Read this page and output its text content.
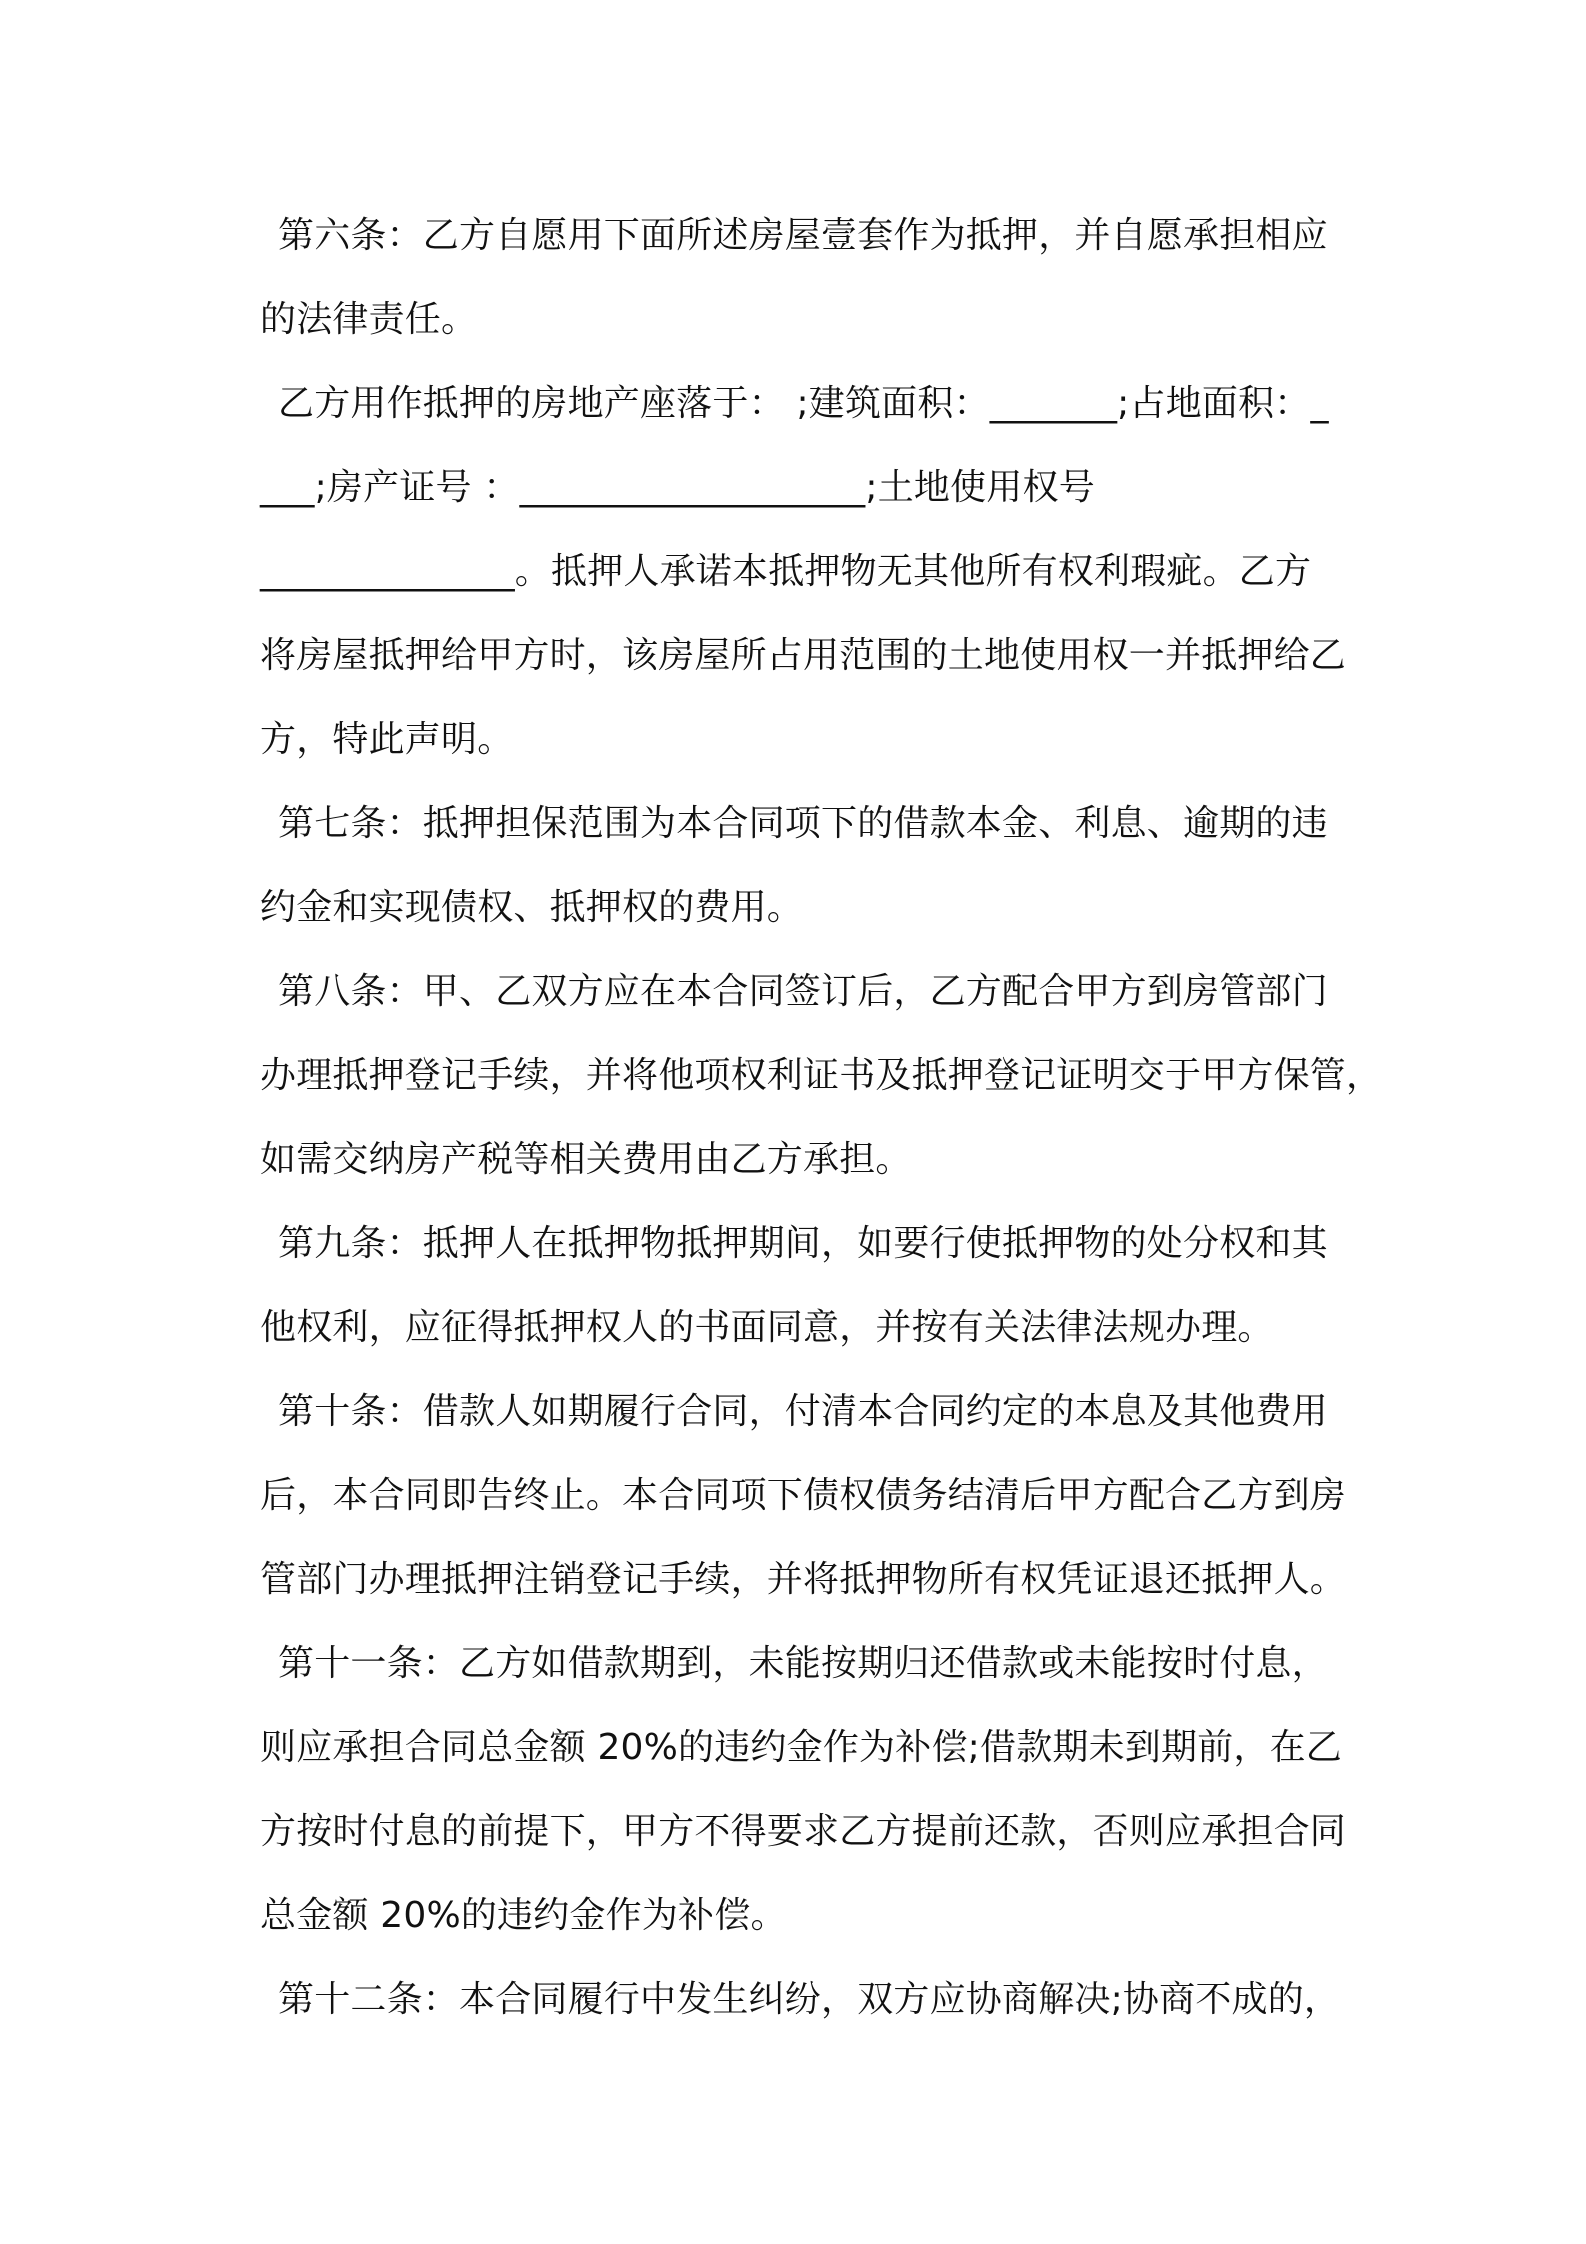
第六条：乙方自愿用下面所述房屋壹套作为抵押，并自愿承担相应
的法律责任。
乙方用作抵押的房地产座落于： ;建筑面积：_______;占地面积：_
___;房产证号 ：___________________;土地使用权号
______________。抵押人承诺本抵押物无其他所有权利瑕疵。乙方
将房屋抵押给甲方时，该房屋所占用范围的土地使用权一并抵押给乙
方，特此声明。
第七条：抵押担保范围为本合同项下的借款本金、利息、逾期的违
约金和实现债权、抵押权的费用。
第八条：甲、乙双方应在本合同签订后，乙方配合甲方到房管部门
办理抵押登记手续，并将他项权利证书及抵押登记证明交于甲方保管，
如需交纳房产税等相关费用由乙方承担。
第九条：抵押人在抵押物抵押期间，如要行使抵押物的处分权和其
他权利，应征得抵押权人的书面同意，并按有关法律法规办理。
第十条：借款人如期履行合同，付清本合同约定的本息及其他费用
后，本合同即告终止。本合同项下债权债务结清后甲方配合乙方到房
管部门办理抵押注销登记手续，并将抵押物所有权凭证退还抵押人。
第十一条：乙方如借款期到，未能按期归还借款或未能按时付息，
则应承担合同总金额 20%的违约金作为补偿;借款期未到期前，在乙
方按时付息的前提下，甲方不得要求乙方提前还款，否则应承担合同
总金额 20%的违约金作为补偿。
第十二条：本合同履行中发生纠纷，双方应协商解决;协商不成的，
